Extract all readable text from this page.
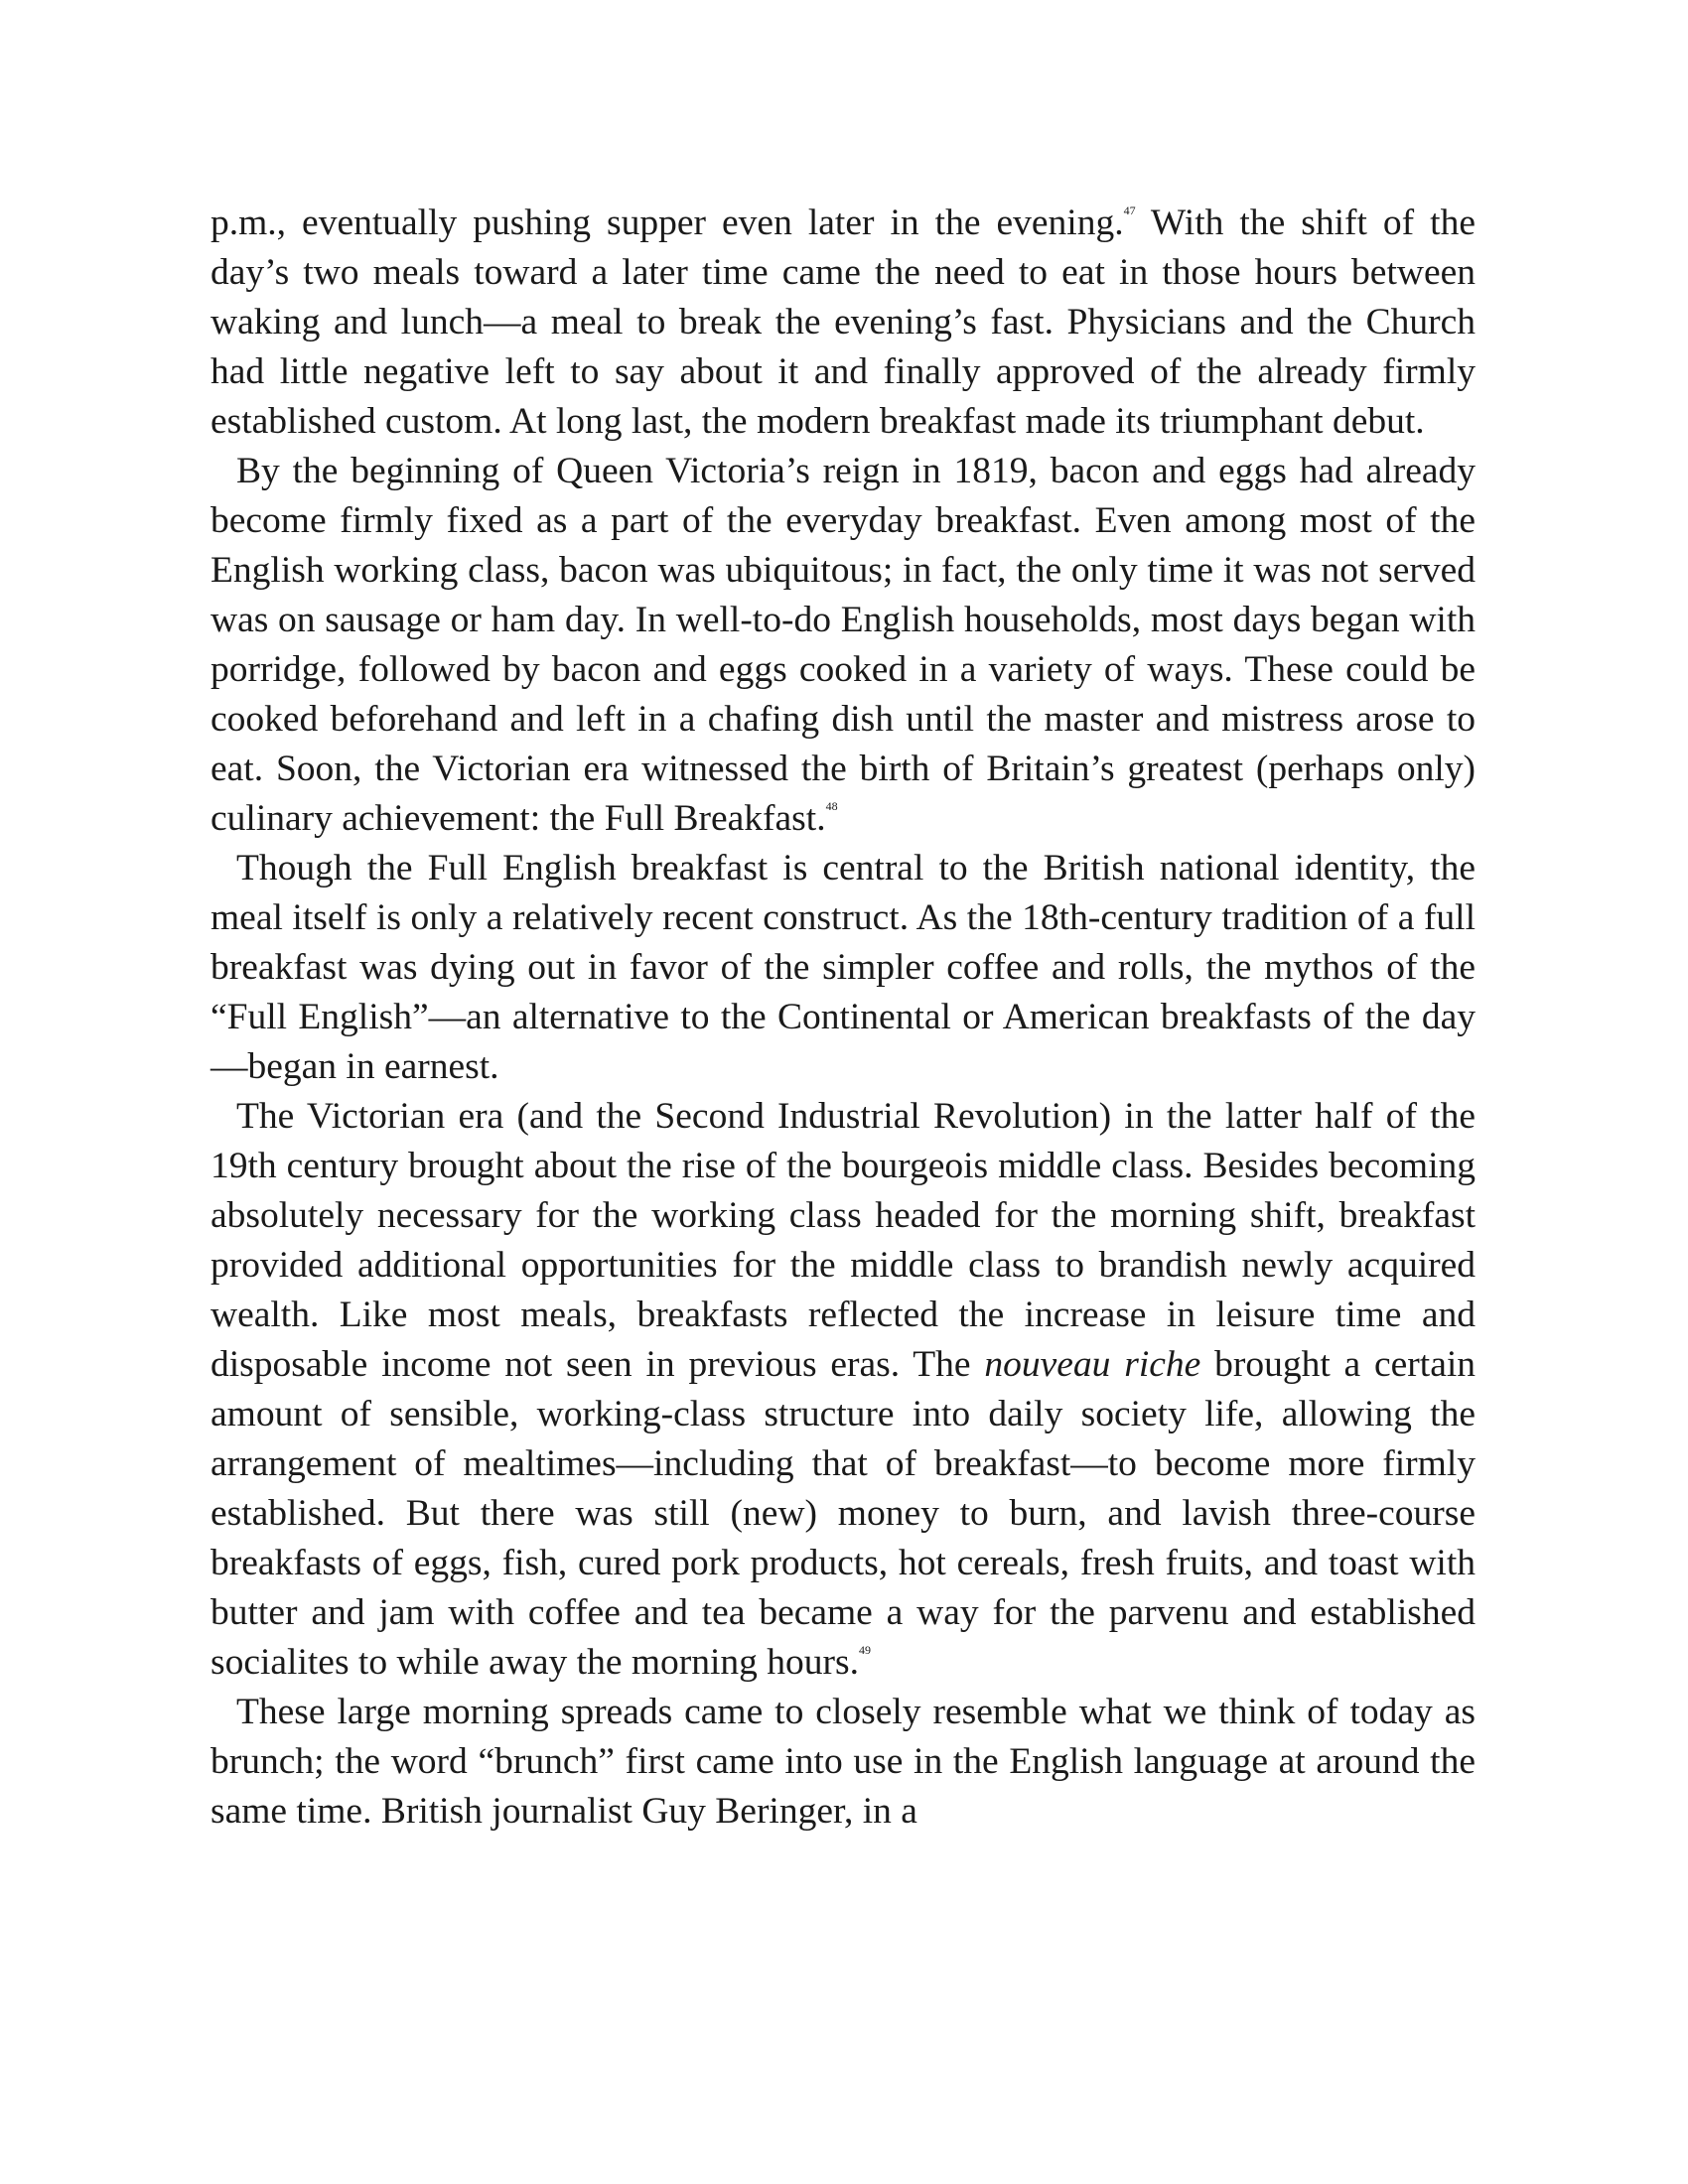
p.m., eventually pushing supper even later in the evening.$^{47}$ With the shift of the day’s two meals toward a later time came the need to eat in those hours between waking and lunch—a meal to break the evening’s fast. Physicians and the Church had little negative left to say about it and finally approved of the already firmly established custom. At long last, the modern breakfast made its triumphant debut.

By the beginning of Queen Victoria’s reign in 1819, bacon and eggs had already become firmly fixed as a part of the everyday breakfast. Even among most of the English working class, bacon was ubiquitous; in fact, the only time it was not served was on sausage or ham day. In well-to-do English households, most days began with porridge, followed by bacon and eggs cooked in a variety of ways. These could be cooked beforehand and left in a chafing dish until the master and mistress arose to eat. Soon, the Victorian era witnessed the birth of Britain’s greatest (perhaps only) culinary achievement: the Full Breakfast.$^{48}$

Though the Full English breakfast is central to the British national identity, the meal itself is only a relatively recent construct. As the 18th-century tradition of a full breakfast was dying out in favor of the simpler coffee and rolls, the mythos of the “Full English”—an alternative to the Continental or American breakfasts of the day—began in earnest.

The Victorian era (and the Second Industrial Revolution) in the latter half of the 19th century brought about the rise of the bourgeois middle class. Besides becoming absolutely necessary for the working class headed for the morning shift, breakfast provided additional opportunities for the middle class to brandish newly acquired wealth. Like most meals, breakfasts reflected the increase in leisure time and disposable income not seen in previous eras. The nouveau riche brought a certain amount of sensible, working-class structure into daily society life, allowing the arrangement of mealtimes—including that of breakfast—to become more firmly established. But there was still (new) money to burn, and lavish three-course breakfasts of eggs, fish, cured pork products, hot cereals, fresh fruits, and toast with butter and jam with coffee and tea became a way for the parvenu and established socialites to while away the morning hours.$^{49}$

These large morning spreads came to closely resemble what we think of today as brunch; the word “brunch” first came into use in the English language at around the same time. British journalist Guy Beringer, in a
